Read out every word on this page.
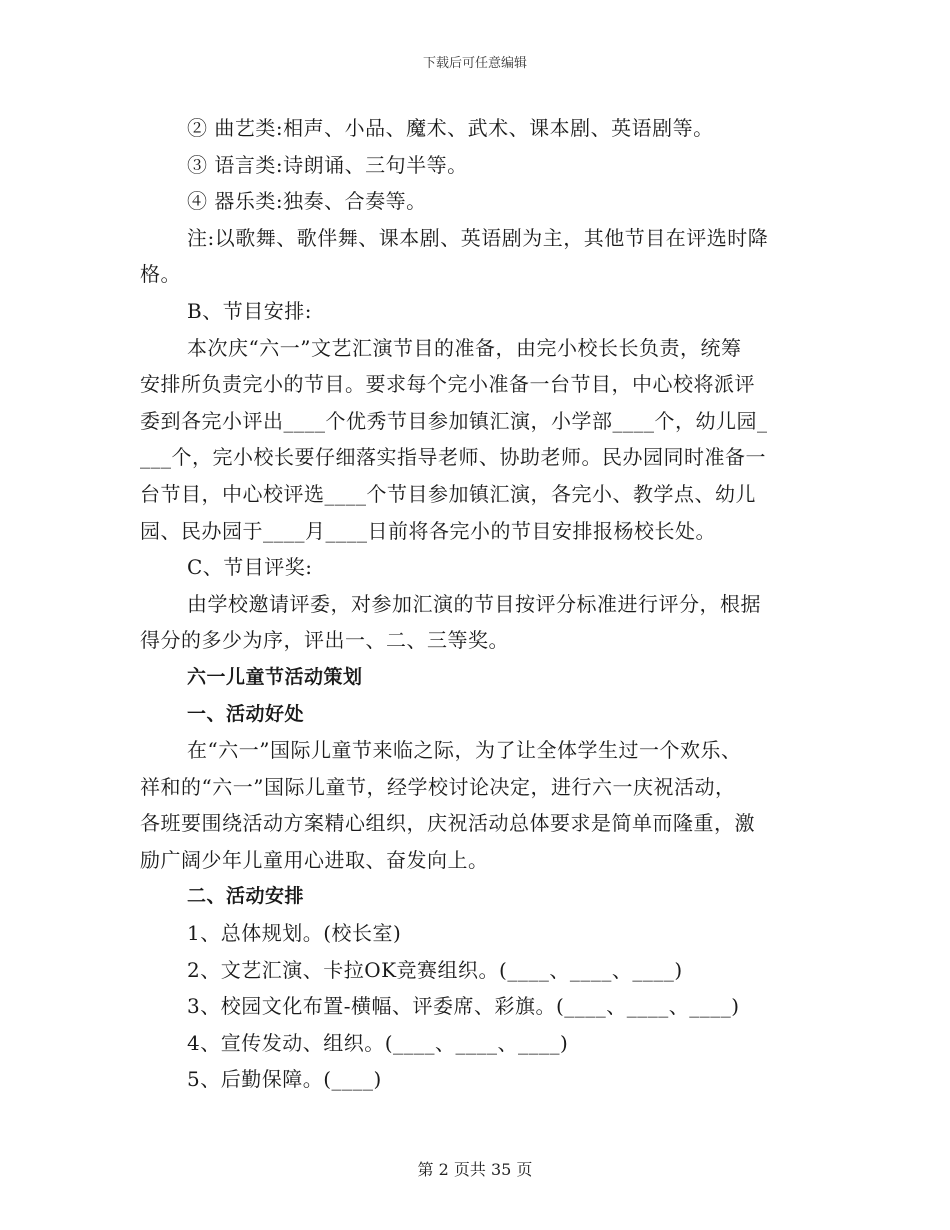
下载后可任意编辑
② 曲艺类:相声、小品、魔术、武术、课本剧、英语剧等。
③ 语言类:诗朗诵、三句半等。
④ 器乐类:独奏、合奏等。
注:以歌舞、歌伴舞、课本剧、英语剧为主，其他节目在评选时降
格。
B、节目安排:
本次庆“六一”文艺汇演节目的准备，由完小校长长负责，统筹
安排所负责完小的节目。要求每个完小准备一台节目，中心校将派评
委到各完小评出____个优秀节目参加镇汇演，小学部____个，幼儿园_
___个，完小校长要仔细落实指导老师、协助老师。民办园同时准备一
台节目，中心校评选____个节目参加镇汇演，各完小、教学点、幼儿
园、民办园于____月____日前将各完小的节目安排报杨校长处。
C、节目评奖:
由学校邀请评委，对参加汇演的节目按评分标准进行评分，根据
得分的多少为序，评出一、二、三等奖。
六一儿童节活动策划
一、活动好处
在“六一”国际儿童节来临之际，为了让全体学生过一个欢乐、
祥和的“六一”国际儿童节，经学校讨论决定，进行六一庆祝活动，
各班要围绕活动方案精心组织，庆祝活动总体要求是简单而隆重，激
励广阔少年儿童用心进取、奋发向上。
二、活动安排
1、总体规划。(校长室)
2、文艺汇演、卡拉OK竞赛组织。(____、____、____)
3、校园文化布置-横幅、评委席、彩旗。(____、____、____)
4、宣传发动、组织。(____、____、____)
5、后勤保障。(____)
第 2 页共 35 页
